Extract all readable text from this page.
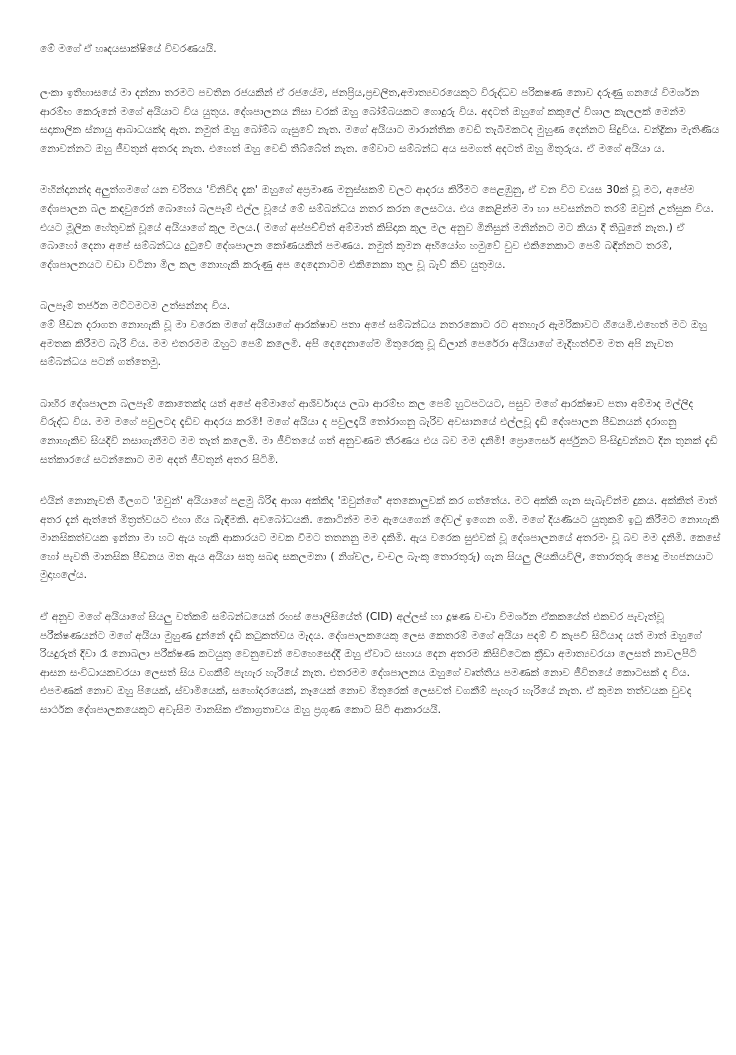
මේ මගේ ඒ හෘදයසාක්ෂියේ විවරණයයි.

ලංකා ඉතිහාසයේ මා දන්නා තරමට පවතින රජයකින් ඒ රජයේම, ජනප්‍රිය,ප්‍රචලිත,අමාත්‍යවරයෙකුට විරුද්ධව පරිකෂණ නොව දරුණු ගනයේ විමර්ශන ආරම්භ කෙරුනේ මගේ අයියාට විය යුතුය. දේශපාලනය නිසා වරක් ඔහු බෝම්බයකට ගොදුරු විය. අදටත් ඔහුගේ කකුලේ විශාල කැලලක් මෙන්ම සදාකාලික ස්නායු ආබාධයක්ද ඇත. නමුත් ඔහු බෝම්බ ගැසුවේ නැත. මගේ අයියාට මාරාන්තික වෙඩි තැබීමකටද මුහුණ දෙන්නට සිදුවිය. චන්ද්‍රිකා මැතිණිය නොවන්නට ඔහු ජීවතුන් අතරද නැත. එහෙත් ඔහු වෙඩි තිබ්බේත් නැත. මේවාට සම්බන්ධ අය සමගත් අදටත් ඔහු මිතුරුය. ඒ මගේ අයියා ය.

මහින්දානන්ද අලුත්ගමගේ යන චරිතය 'විනිවිද දැක' ඔහුගේ අප්‍රමාණ මනුස්සකම් වලට ආදරය කිරීමට පෙළඹුනු, ඒ වන විට වයස 30ක් වූ මට, අපේම දේශපාලන බල කඳවුරෙන් බොහෝ බලපෑම් එල්ල වූයේ මේ සම්බන්ධය නතර කරන ලෙසටය. එය කෙළින්ම මා හා පවසන්නට තරම් ඔවුන් උත්සුක විය. එයට මූලික හේතුවක් වූයේ අයියාගේ කුල මලය.( මගේ අප්පච්චිත් අම්මාත් කිසිදාක කුල මල අනුව මිනිසුන් මනින්නට මට කියා දී තිබුනේ නැත.) ඒ බොහෝ දෙනා අපේ සම්බන්ධය දුටුවේ දේශපාලන කෝණයකින් පමණය. නමුත් කුමන අභියෝග හමුවේ වුව එකිනෙකාට පෙම් බඳින්නට තරම්, දේශපාලනයට වඩා වටිනා මිල කල නොහැකි කරුණු අප දෙදෙනාටම එකිනෙකා තුල වූ බැව් කිව යුතුමය.

බලපෑම් තර්ජන මට්ටමටම උත්සන්නද විය.

මේ පීඩන දරාගත නොහැකි වූ මා වරෙක මගේ අයියාගේ ආරක්ෂාව පතා අපේ සම්බන්ධය නතරකොට රට අතහැර ඇමරිකාවට ගියෙමි.එහෙත් මට ඔහු අමතක කිරීමට බැරි විය. මම එතරමම ඔහුට පෙම් කලෙමි. අපි දෙදෙනාගේම මිතුරෙකු වූ ඩිලාන් පෙරේරා අයියාගේ මැදිහත්වීම මත අපි නැවත සම්බන්ධය පටන් ගත්තෙමු.

බාහිර දේශපාලන බලපෑම් කොතෙක්ද යත් අපේ අම්මාගේ ආශිර්වාදය ලබා ආරම්භ කල පෙම් හුටපටයට, පසුව මගේ ආරක්ෂාව පතා අම්මාද මල්ලිද විරුද්ධ විය. මම මගේ පවුලටද දැඩිව ආදරය කරමි! මගේ අයියා ද පවුලදැයි තෝරාගනු බැරිව අවසානයේ එල්ලවූ දැඩි දේශපාලන පීඩනයන් දරාගනු නොහැකිව සියදිවි නසාගැනීමට මම තැත් කලෙමි. මා ජීවිතයේ ගත් අනුවණම තීරණය එය බව මම දනිමි! ප්‍රොෆෙසර් අර්ජුනට පිංසිදුවන්නට දින තුනක් දැඩි සත්කාරයේ සටන්කොට මම අදත් ජීවතුන් අතර සිටිමි.

එයින් නොනැවති මීලගට 'ඔවුන්' අයියාගේ පළමු බිරිඳ ආශා අක්කිද 'ඔවුන්ගේ' අතකොලුවක් කර ගත්තේය. මට අක්කි ගැන සැබැවින්ම දුකය. අක්කිත් මාත් අතර දැන් ඇත්තේ මිත්‍රත්වයට එහා ගිය බැඳීමකි. අවබෝධයකි. කොටින්ම මම ඇයෙගෙන් දේවල් ඉගෙන ගමි. මගේ දියණියට යුතුකම් ඉටු කිරීමට නොහැකි මානසිකත්වයක ඉන්නා මා හට ඇය හැකි ආකාරයට මවක වීමට තතනනු මම දකිමි. ඇය වරෙක සුළුවක් වූ දේශපාලනයේ අතරමං වූ බව මම දනිමි. කෙසේ හෝ පැවති මානසික පීඩනය මත ඇය අයියා සතු සබඳ සකලමනා ( නිශ්චල, චංචල බැංකු තොරතුරු) ගැන සියලු ලියකියවිලි, තොරතුරු පොදු මහජනයාට මුදාහලේය.

ඒ අනුව මගේ අයියාගේ සියලු වත්කම් සම්බන්ධයෙන් රහස් පොලිසියේත් (CID) අල්ලස් හා දූෂණ වංචා විමර්ශන ඒකකයේත් එකවර පැවැත්වූ පරීක්ෂණයන්ට මගේ අයියා මුහුණ දුන්නේ දැඩි කටුකත්වය මැදය. දේශපාලකයෙකු ලෙස කෙතරම් මගේ අයියා පදම් වී කැපවී සිටියාද යත් මාත් ඔහුගේ රියදුරුත් දිවා රෑ නොබලා පරීක්ෂණ කටයුතු වෙනුවෙන් වෙහෙසෙද්දී ඔහු ඒවාට සහාය දෙන අතරම කිසිවිටෙක ක්‍රීඩා අමාත්‍යවරයා ලෙසත් නාවලපිටි ආසන සංවිධායකවරයා ලෙසත් සිය වගකීම් පැහැර හැරියේ නැත. එතරමම දේශපාලනය ඔහුගේ වෘත්තිය පමණක් නොව ජීවිතයේ කොටසක් ද විය. එපමණක් නොව ඔහු පියෙක්, ස්වාමියෙක්, සහෝදරයෙක්, නෑයෙක් නොව මිතුරෙක් ලෙසවත් වගකීම් පැහැර හැරියේ නැත. ඒ කුමන තත්වයක වුවද සාර්ථක දේශපාලකයෙකුට අවැසිම මානසික ඒකාග්‍රතාවය ඔහු ප්‍රගුණ කොට සිටි ආකාරයයි.
